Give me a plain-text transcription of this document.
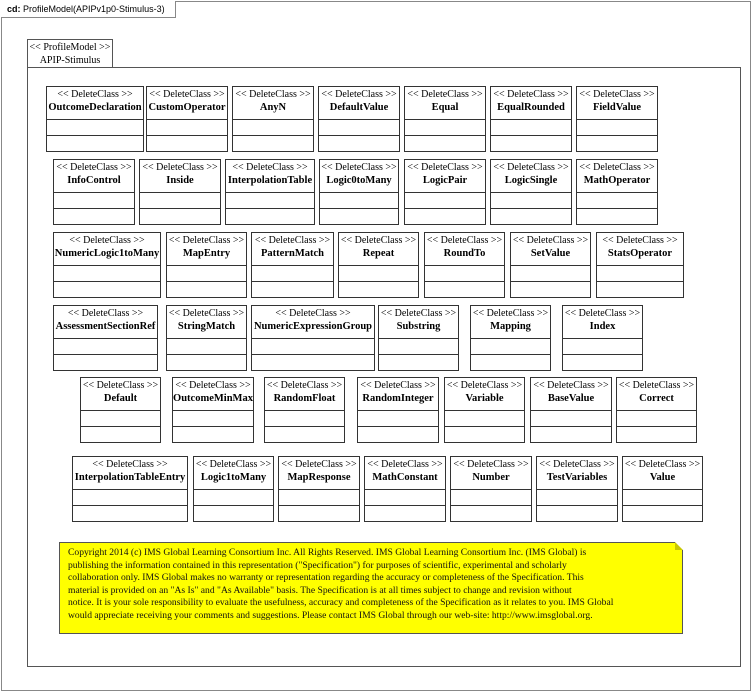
cd: ProfileModel(APIPv1p0-Stimulus-3)
<< ProfileModel >>
APIP-Stimulus
<< DeleteClass >>
OutcomeDeclaration
<< DeleteClass >>
CustomOperator
<< DeleteClass >>
AnyN
<< DeleteClass >>
DefaultValue
<< DeleteClass >>
Equal
<< DeleteClass >>
EqualRounded
<< DeleteClass >>
FieldValue
<< DeleteClass >>
InfoControl
<< DeleteClass >>
Inside
<< DeleteClass >>
InterpolationTable
<< DeleteClass >>
Logic0toMany
<< DeleteClass >>
LogicPair
<< DeleteClass >>
LogicSingle
<< DeleteClass >>
MathOperator
<< DeleteClass >>
NumericLogic1toMany
<< DeleteClass >>
MapEntry
<< DeleteClass >>
PatternMatch
<< DeleteClass >>
Repeat
<< DeleteClass >>
RoundTo
<< DeleteClass >>
SetValue
<< DeleteClass >>
StatsOperator
<< DeleteClass >>
AssessmentSectionRef
<< DeleteClass >>
StringMatch
<< DeleteClass >>
NumericExpressionGroup
<< DeleteClass >>
Substring
<< DeleteClass >>
Mapping
<< DeleteClass >>
Index
<< DeleteClass >>
Default
<< DeleteClass >>
OutcomeMinMax
<< DeleteClass >>
RandomFloat
<< DeleteClass >>
RandomInteger
<< DeleteClass >>
Variable
<< DeleteClass >>
BaseValue
<< DeleteClass >>
Correct
<< DeleteClass >>
InterpolationTableEntry
<< DeleteClass >>
Logic1toMany
<< DeleteClass >>
MapResponse
<< DeleteClass >>
MathConstant
<< DeleteClass >>
Number
<< DeleteClass >>
TestVariables
<< DeleteClass >>
Value
Copyright 2014 (c) IMS Global Learning Consortium Inc. All Rights Reserved. IMS Global Learning Consortium Inc. (IMS Global) is
publishing the information contained in this representation ("Specification") for purposes of scientific, experimental and scholarly
collaboration only. IMS Global makes no warranty or representation regarding the accuracy or completeness of the Specification. This
material is provided on an "As Is" and "As Available" basis. The Specification is at all times subject to change and revision without
notice. It is your sole responsibility to evaluate the usefulness, accuracy and completeness of the Specification as it relates to you. IMS Global
would appreciate receiving your comments and suggestions. Please contact IMS Global through our web-site: http://www.imsglobal.org.
